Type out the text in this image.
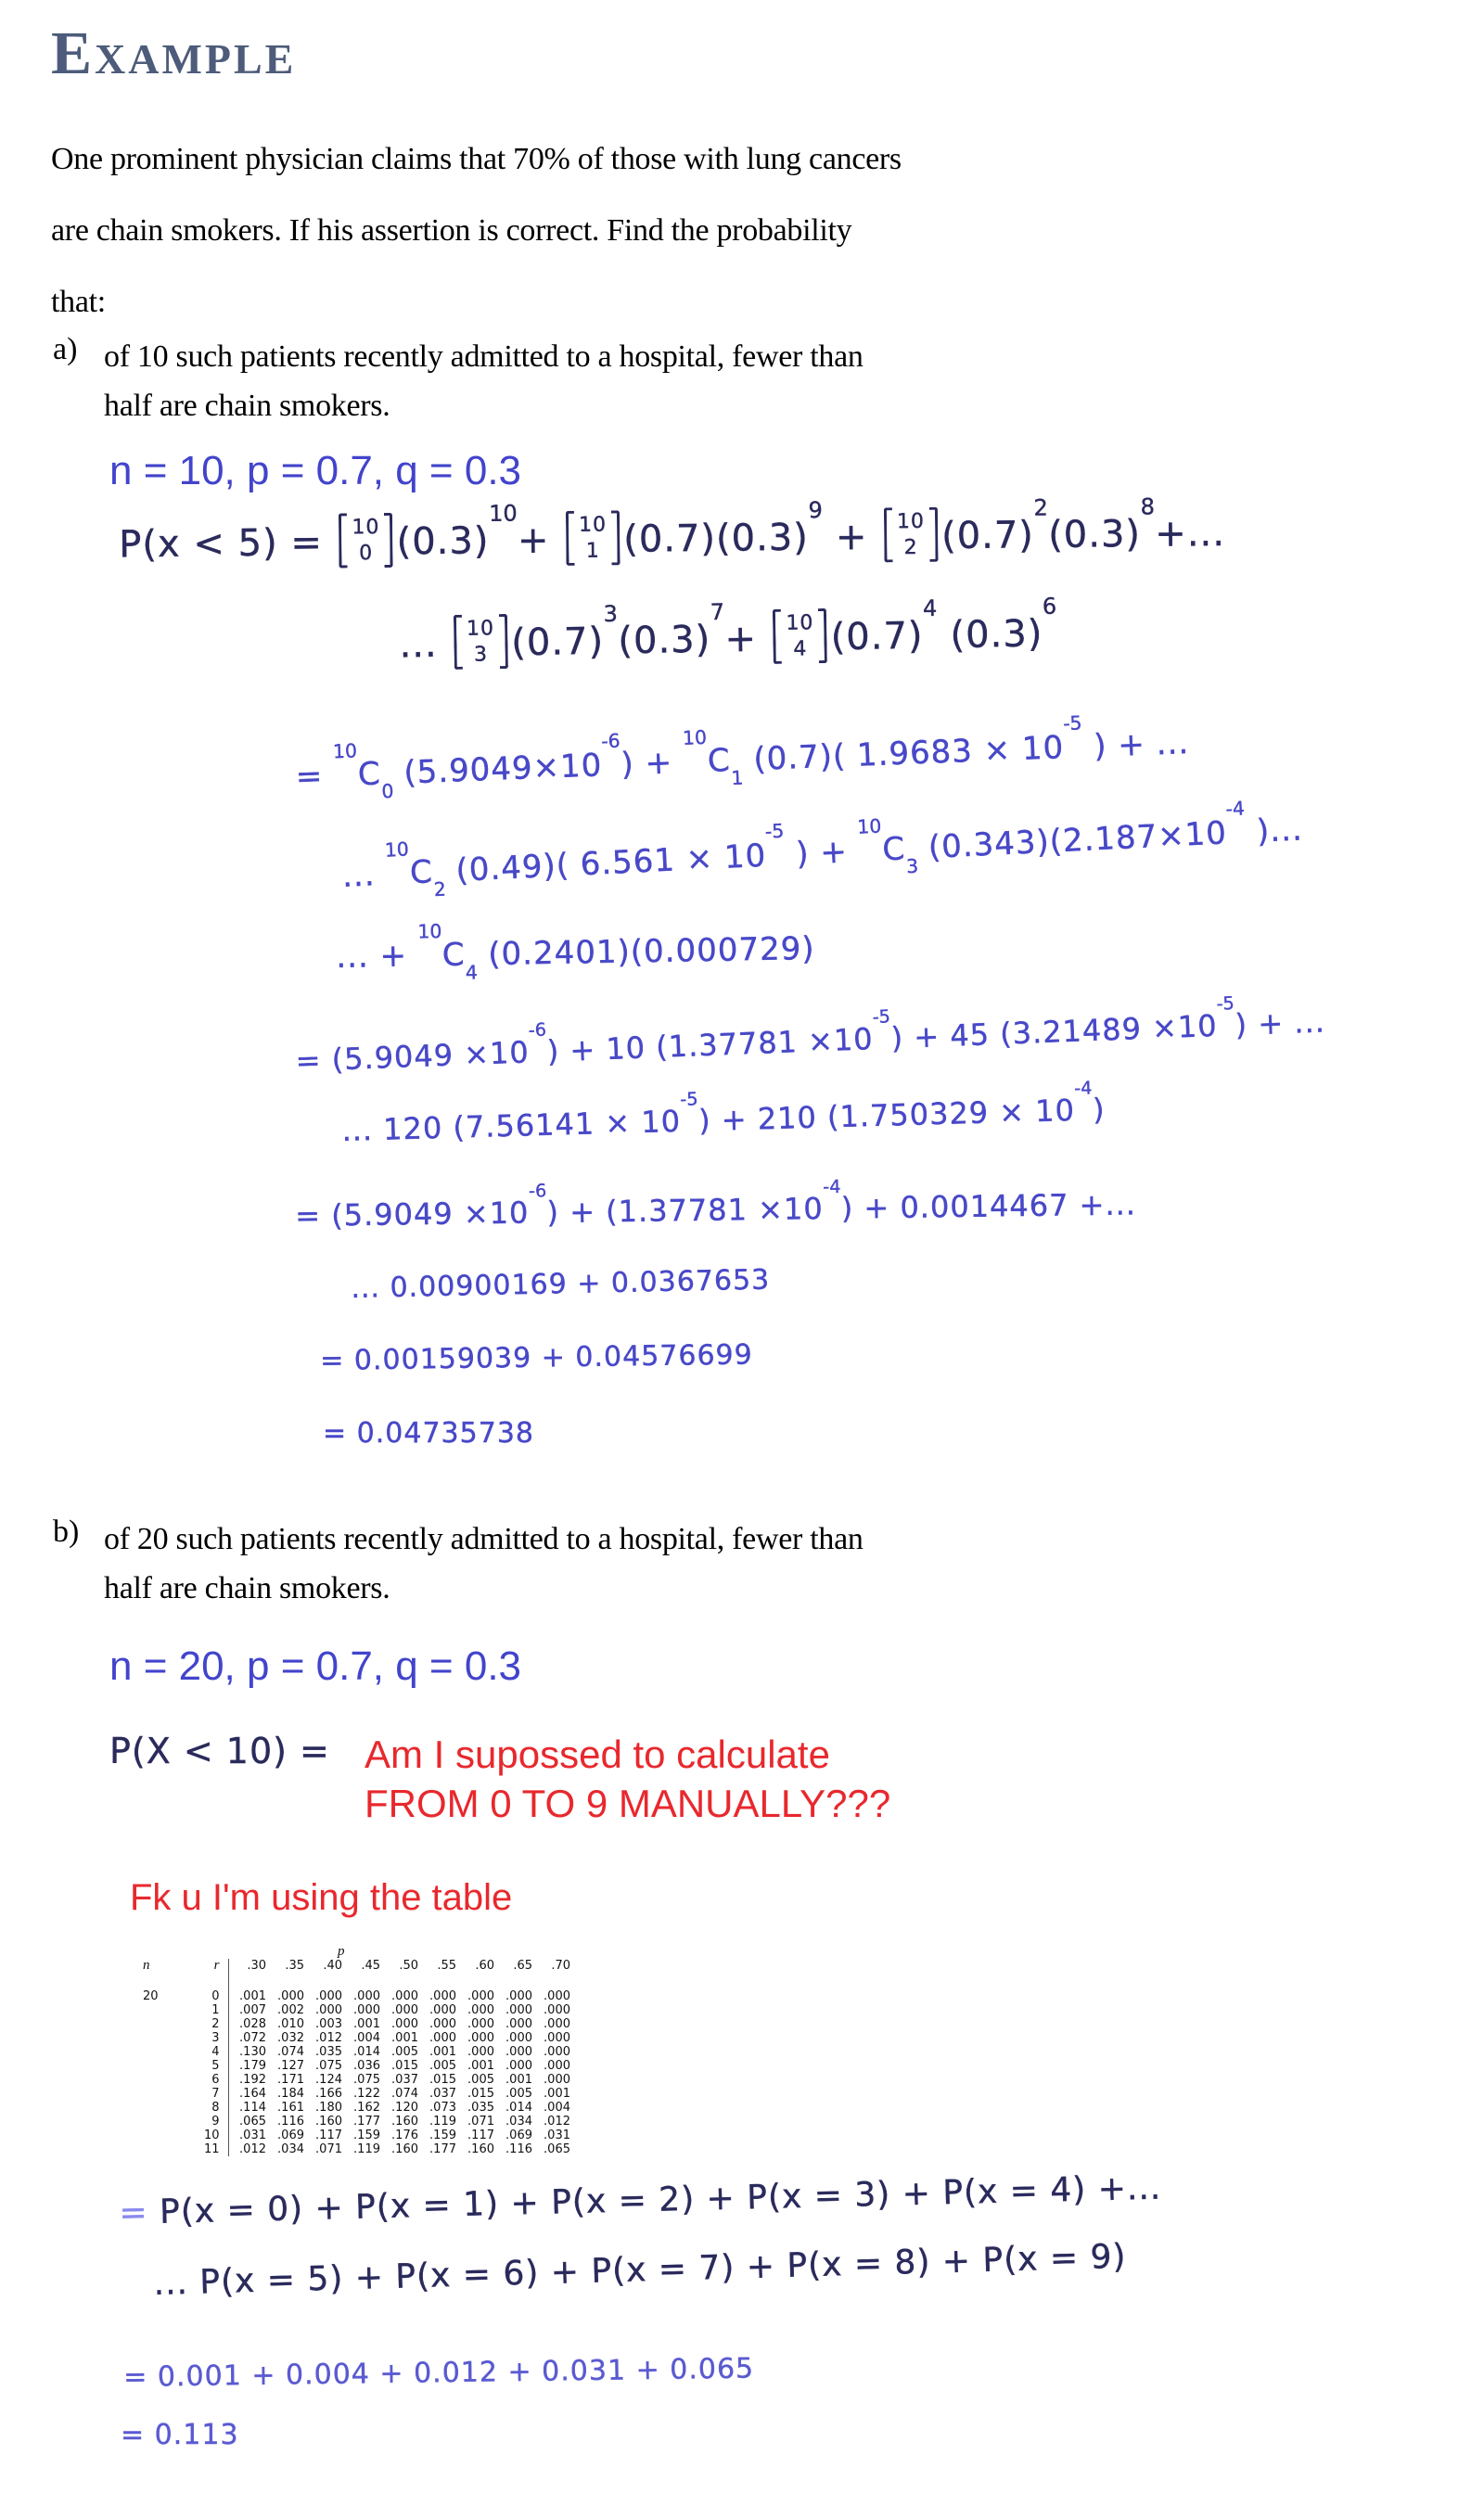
Example
One prominent physician claims that 70% of those with lung cancers
are chain smokers. If his assertion is correct. Find the probability
that:
a) of 10 such patients recently admitted to a hospital, fewer than
half are chain smokers.
n = 10, p = 0.7, q = 0.3
P(x < 5) = 10
0 $(0.3)^{10}+ 10$
1 $(0.7)(0.3)^9 + 10$
2 $(0.7)^2(0.3)^8+$...
... 10
3 $(0.7)^3(0.3)^7+ 10$
4 $(0.7)^4$ $(0.3)^6$
= $^{10}C_0$ $(5.9049\times 10^{-6}) + ^{10}C_1$ (0.7)( $1.9683 \times 10^{-5}$ ) + ...
... $^{10}C_2$ (0.49)( $6.561 \times 10^{-5}$ ) + $^{10}C_3$ $(0.343)(2.187\times 10^{-4}$ )...
... + $^{10}C_4$ (0.2401)(0.000729)
= $(5.9049 \times 10^{-6}) + 10$ $(1.37781 \times 10^{-5}) + 45$ $(3.21489 \times 10^{-5})$ + ...
... 120 $(7.56141 \times 10^{-5}) + 210$ $(1.750329 \times 10^{-4})$
= $(5.9049 \times 10^{-6}) + (1.37781 \times 10^{-4}) + 0.0014467$ +...
... 0.00900169 + 0.0367653
= 0.00159039 + 0.04576699
= 0.04735738
b) of 20 such patients recently admitted to a hospital, fewer than
half are chain smokers.
n = 20, p = 0.7, q = 0.3
P(X < 10) = Am I supossed to calculate
FROM 0 TO 9 MANUALLY???
Fk u I'm using the table
		p								
n	r	.30	.35	.40	.45	.50	.55	.60	.65	.70

20	0	.001	.000	.000	.000	.000	.000	.000	.000	.000
	1	.007	.002	.000	.000	.000	.000	.000	.000	.000
	2	.028	.010	.003	.001	.000	.000	.000	.000	.000
	3	.072	.032	.012	.004	.001	.000	.000	.000	.000
	4	.130	.074	.035	.014	.005	.001	.000	.000	.000
	5	.179	.127	.075	.036	.015	.005	.001	.000	.000
	6	.192	.171	.124	.075	.037	.015	.005	.001	.000
	7	.164	.184	.166	.122	.074	.037	.015	.005	.001
	8	.114	.161	.180	.162	.120	.073	.035	.014	.004
	9	.065	.116	.160	.177	.160	.119	.071	.034	.012
	10	.031	.069	.117	.159	.176	.159	.117	.069	.031
	11	.012	.034	.071	.119	.160	.177	.160	.116	.065
= P(x = 0) + P(x = 1) + P(x = 2) + P(x = 3) + P(x = 4) +...
... P(x = 5) + P(x = 6) + P(x = 7) + P(x = 8) + P(x = 9)
= 0.001 + 0.004 + 0.012 + 0.031 + 0.065
= 0.113
